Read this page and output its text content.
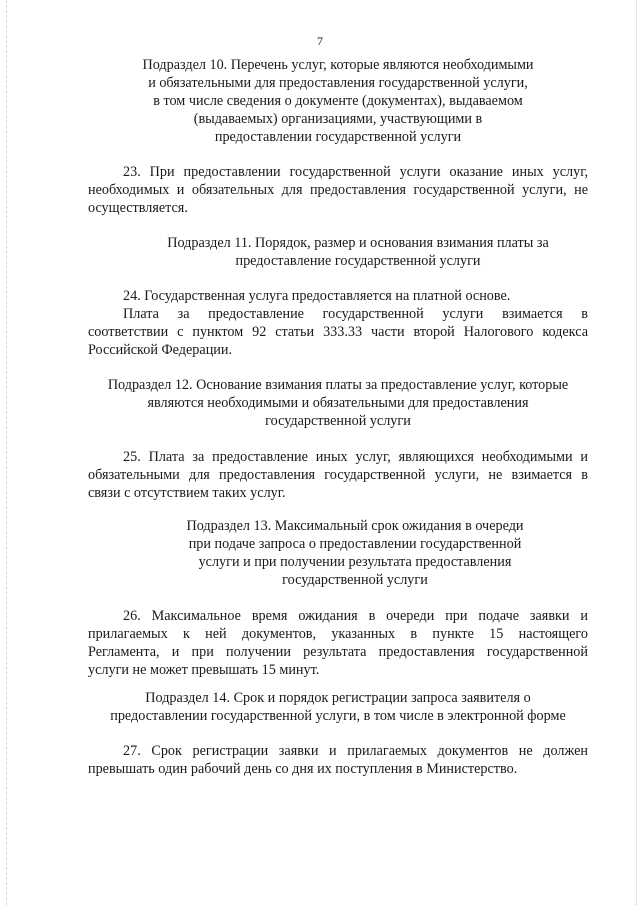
7
Подраздел 10. Перечень услуг, которые являются необходимыми
и обязательными для предоставления государственной услуги,
в том числе сведения о документе (документах), выдаваемом
(выдаваемых) организациями, участвующими в
предоставлении государственной услуги
23. При предоставлении государственной услуги оказание иных услуг,
необходимых и обязательных для предоставления государственной услуги, не
осуществляется.
Подраздел 11. Порядок, размер и основания взимания платы за
предоставление государственной услуги
24. Государственная услуга предоставляется на платной основе.
Плата за предоставление государственной услуги взимается в
соответствии с пунктом 92 статьи 333.33 части второй Налогового кодекса
Российской Федерации.
Подраздел 12. Основание взимания платы за предоставление услуг, которые
являются необходимыми и обязательными для предоставления
государственной услуги
25. Плата за предоставление иных услуг, являющихся необходимыми и
обязательными для предоставления государственной услуги, не взимается в
связи с отсутствием таких услуг.
Подраздел 13. Максимальный срок ожидания в очереди
при подаче запроса о предоставлении государственной
услуги и при получении результата предоставления
государственной услуги
26. Максимальное время ожидания в очереди при подаче заявки и
прилагаемых к ней документов, указанных в пункте 15 настоящего
Регламента, и при получении результата предоставления государственной
услуги не может превышать 15 минут.
Подраздел 14. Срок и порядок регистрации запроса заявителя о
предоставлении государственной услуги, в том числе в электронной форме
27. Срок регистрации заявки и прилагаемых документов не должен
превышать один рабочий день со дня их поступления в Министерство.
